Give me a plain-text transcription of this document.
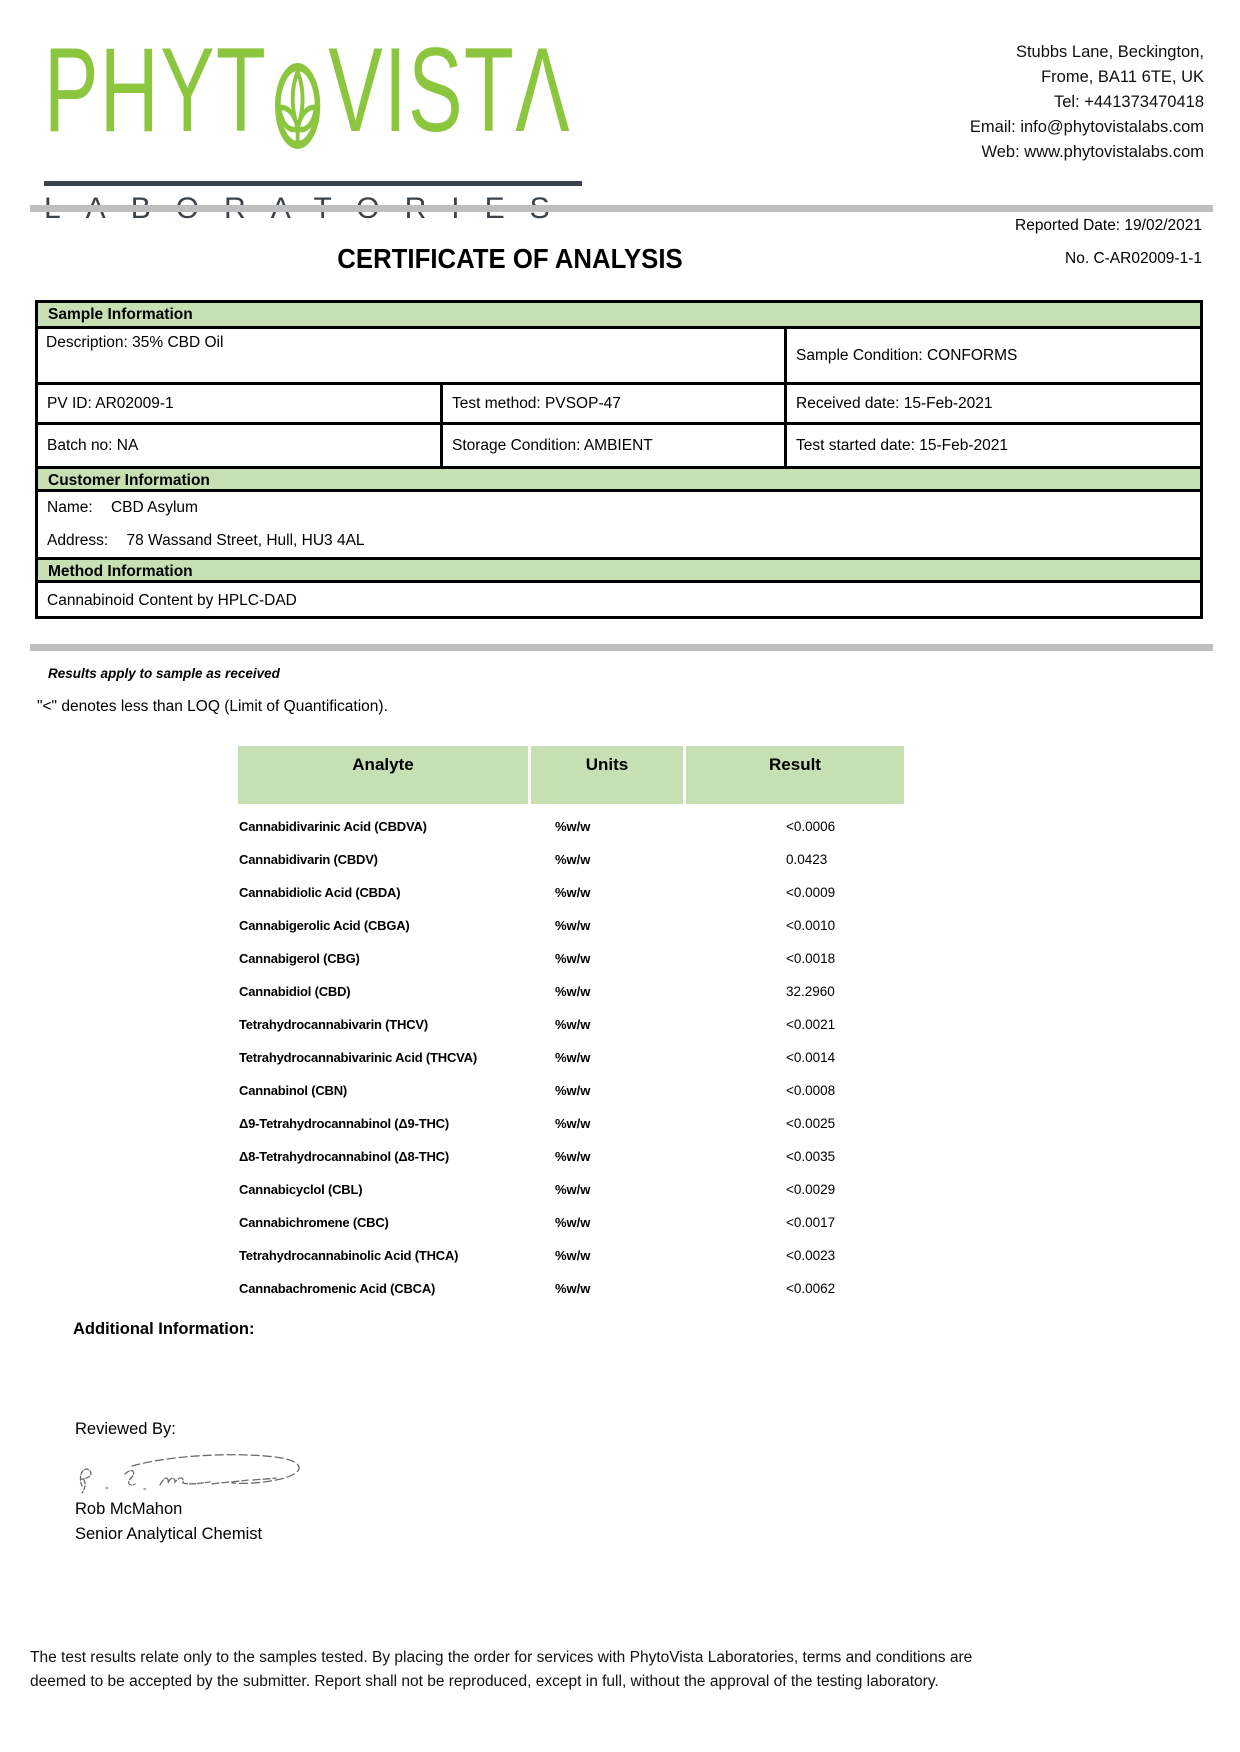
PHYT VIST Λ	Stubbs Lane, Beckington,
Frome, BA11 6TE, UK
Tel: +441373470418
Email: info@phytovistalabs.com
Web: www.phytovistalabs.com
Reported Date: 19/02/2021
CERTIFICATE OF ANALYSIS	No. C-AR02009-1-1
Sample Information
Description: 35% CBD Oil
Sample Condition: CONFORMS
PV ID: AR02009-1	Test method: PVSOP-47	Received date: 15-Feb-2021
Batch no: NA	Storage Condition: AMBIENT	Test started date: 15-Feb-2021
Customer Information
Name: CBD Asylum
Address: 78 Wassand Street, Hull, HU3 4AL
Method Information
Cannabinoid Content by HPLC-DAD
Results apply to sample as received
"<" denotes less than LOQ (Limit of Quantification).
Analyte	Units	Result
Cannabidivarinic Acid (CBDVA)	%w/w	<0.0006
Cannabidivarin (CBDV)	%w/w	0.0423
Cannabidiolic Acid (CBDA)	%w/w	<0.0009
Cannabigerolic Acid (CBGA)	%w/w	<0.0010
Cannabigerol (CBG)	%w/w	<0.0018
Cannabidiol (CBD)	%w/w	32.2960
Tetrahydrocannabivarin (THCV)	%w/w	<0.0021
Tetrahydrocannabivarinic Acid (THCVA)	%w/w	<0.0014
Cannabinol (CBN)	%w/w	<0.0008
Δ9-Tetrahydrocannabinol (Δ9-THC)	%w/w	<0.0025
Δ8-Tetrahydrocannabinol (Δ8-THC)	%w/w	<0.0035
Cannabicyclol (CBL)	%w/w	<0.0029
Cannabichromene (CBC)	%w/w	<0.0017
Tetrahydrocannabinolic Acid (THCA)	%w/w	<0.0023
Cannabachromenic Acid (CBCA)	%w/w	<0.0062
Additional Information:
Reviewed By:
Rob McMahon
Senior Analytical Chemist
The test results relate only to the samples tested. By placing the order for services with PhytoVista Laboratories, terms and conditions are
deemed to be accepted by the submitter. Report shall not be reproduced, except in full, without the approval of the testing laboratory.
